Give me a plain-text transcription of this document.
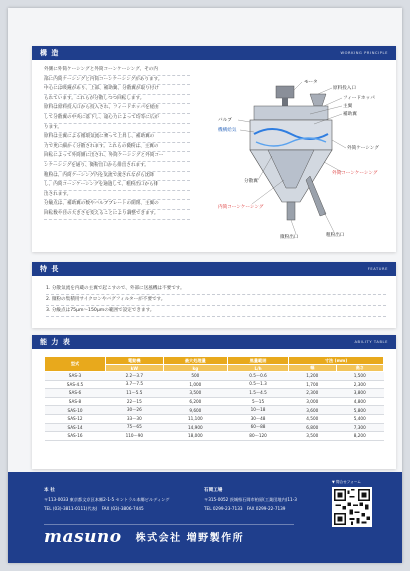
構 造	WORKING PRINCIPLE

外側に外筒ケーシングと外筒コーンケーシング、その内

部に内筒ケーシングと内筒コーンケーシングがあります。

中心には吸鐘があり、上部、補助翼、分散翼が取り付け

られています。これらが分散しつつ回転します。

原料は原料投入口から投入され、フィードホッパを経由

して分散翼の中央に落下し、遠心力によって均等に広が

ります。

原料は主翼による循環気流に乗って上昇し、補助翼の

力で更に細かく分散されます。これらの微粉は、主翼の

回転によって外筒側に出され、外筒ケーシングと外筒コー

ンケーシングを通り、微粉出口から排出されます。

粗粉は、内筒ケーシング内を気流で流されながら沈降

し、内筒コーンケーシングを通過して、粗粉出口から排

出されます。

分級点は、補助翼の数やバルブプレートの開閉、主翼の

回転数や径の大きさを変えることにより調整できます。

モータ
原料投入口
フィードホッパ
主翼
補助翼
バルブ
機構給気
外筒ケーシング
分散翼
外筒コーンケーシング
内筒コーンケーシング
粗粉出口
微粉出口
特 長	FEATURE
1. 分散気流を内蔵の主翼で起こすので、外部に送風機は不要です。
2. 微粉の集積用サイクロンやバグフィルターが不要です。
3. 分級点は75μm〜150μmの範囲で設定できます。
能 力 表	ABILITY TABLE
型式	電動機	最大処理量	風量範囲	寸法 (mm)	
	kW	kg	L/h	幅	高さ
SAS-3	2.2〜3.7	500	0.5〜0.6	1,200	1,500
SAS-4.5	3.7〜7.5	1,000	0.5〜1.3	1,700	2,300
SAS-6	11〜5.5	3,500	1.5〜4.5	2,300	3,800
SAS-8	22〜15	6,200	5〜15	3,000	4,800
SAS-10	30〜26	9,600	10〜18	3,600	5,800
SAS-12	33〜30	11,100	30〜48	4,500	5,400
SAS-14	75〜65	14,900	60〜88	6,800	7,300
SAS-16	110〜90	18,000	80〜120	3,500	8,200
本 社
〒113-0033 東京都文京区本郷2-1-5 セントラル本郷ビルディング
TEL (03)-3811-0111(代表)　FAX (03)-3806-7445
石岡工場
〒315-0052 茨城県石岡市柏原(工業団地内)11-3
TEL 0299-23-7133　FAX 0299-22-7139
masuno 株式会社 増野製作所
▼ 問合せフォーム
